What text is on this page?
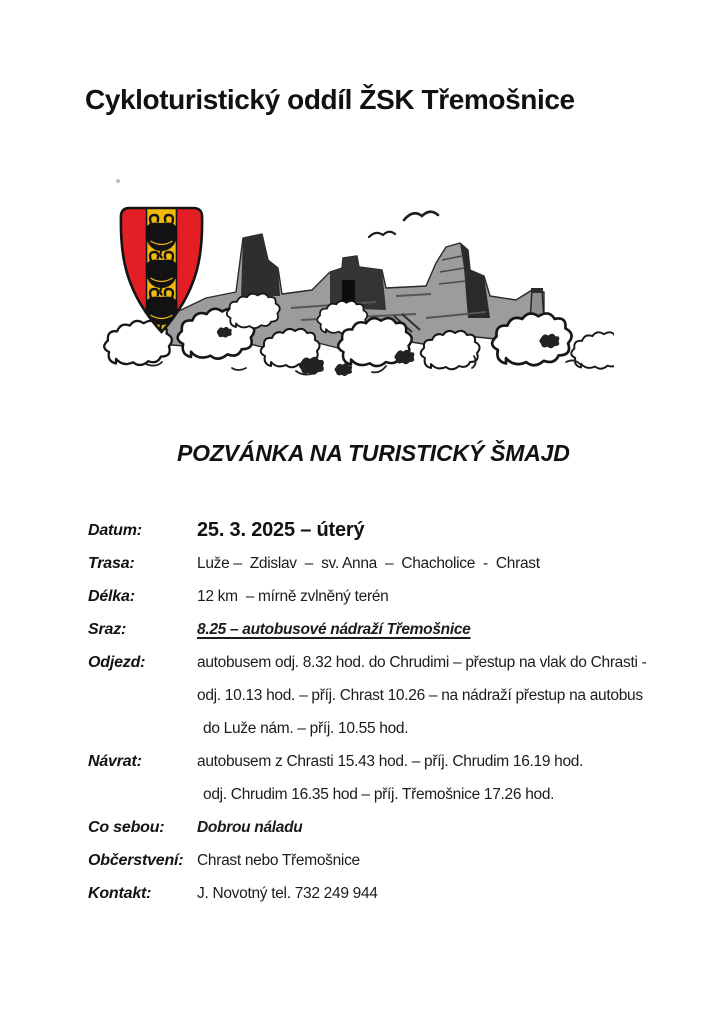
Cykloturistický oddíl ŽSK Třemošnice
POZVÁNKA NA TURISTICKÝ ŠMAJD
Datum:	25. 3. 2025 – úterý
Trasa:	Luže –  Zdislav  –  sv. Anna  –  Chacholice  -  Chrast
Délka:	12 km  – mírně zvlněný terén
Sraz:	8.25 – autobusové nádraží Třemošnice
Odjezd:	autobusem odj. 8.32 hod. do Chrudimi – přestup na vlak do Chrasti -
odj. 10.13 hod. – příj. Chrast 10.26 – na nádraží přestup na autobus
do Luže nám. – příj. 10.55 hod.
Návrat:	autobusem z Chrasti 15.43 hod. – příj. Chrudim 16.19 hod.
odj. Chrudim 16.35 hod – příj. Třemošnice 17.26 hod.
Co sebou:	Dobrou náladu
Občerstvení: Chrast nebo Třemošnice
Kontakt:	J. Novotný tel. 732 249 944
